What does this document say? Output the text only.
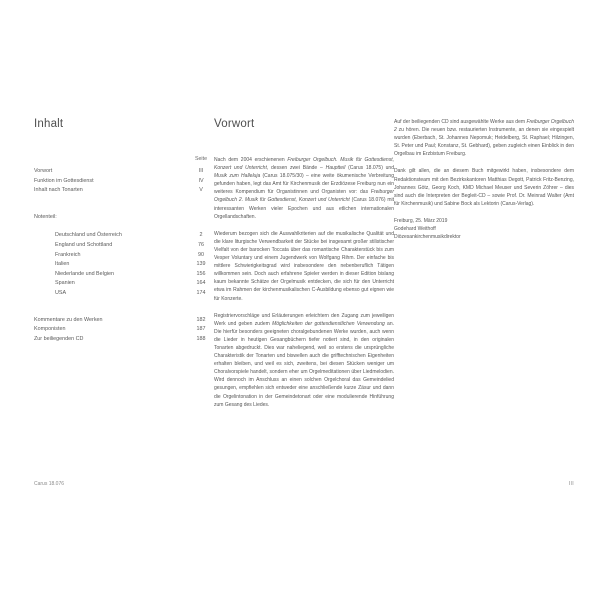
Inhalt
Seite
Vorwort	III
Funktion im Gottesdienst	IV
Inhalt nach Tonarten	V
Notenteil:
Deutschland und Österreich	2
England und Schottland	76
Frankreich	90
Italien	139
Niederlande und Belgien	156
Spanien	164
USA	174
Kommentare zu den Werken	182
Komponisten	187
Zur beiliegenden CD	188
Vorwort

Nach dem 2004 erschienenen Freiburger Orgelbuch. Musik für Gottesdienst, Konzert und Unterricht, dessen zwei Bände – Hauptteil (Carus 18.075) und Musik zum Halleluja (Carus 18.075/30) – eine weite ökumenische Verbreitung gefunden haben, legt das Amt für Kirchenmusik der Erzdiözese Freiburg nun ein weiteres Kompendium für Organistinnen und Organisten vor: das Freiburger Orgelbuch 2. Musik für Gottesdienst, Konzert und Unterricht (Carus 18.076) mit interessanten Werken vieler Epochen und aus etlichen internationalen Orgellandschaften.

Wiederum bezogen sich die Auswahlkriterien auf die musikalische Qualität und die klare liturgische Verwendbarkeit der Stücke bei insgesamt großer stilistischer Vielfalt von der barocken Toccata über das romantische Charakterstück bis zum Vesper Voluntary und einem Jugendwerk von Wolfgang Rihm. Der einfache bis mittlere Schwierigkeitsgrad wird insbesondere den nebenberuflich Tätigen willkommen sein. Doch auch erfahrene Spieler werden in dieser Edition bislang kaum bekannte Schätze der Orgelmusik entdecken, die sich für den Unterricht etwa im Rahmen der kirchenmusikalischen C-Ausbildung ebenso gut eignen wie für Konzerte.

Registriervorschläge und Erläuterungen erleichtern den Zugang zum jeweiligen Werk und geben zudem Möglichkeiten der gottesdienstlichen Verwendung an. Die hierfür besonders geeigneten choralgebundenen Werke wurden, auch wenn die Lieder in heutigen Gesangbüchern tiefer notiert sind, in den originalen Tonarten abgedruckt. Dies war naheliegend, weil so erstens die ursprüngliche Charakteristik der Tonarten und biswellen auch die grifftechnischen Eigenheiten erhalten bleiben, und weil es sich, zweitens, bei diesen Stücken weniger um Choralvorspiele handelt, sondern eher um Orgelmeditationen über Liedmelodien. Wird dennoch im Anschluss an einen solchen Orgelchoral das Gemeindelied gesungen, empfiehlen sich entweder eine anschließende kurze Zäsur und dann die Orgelintonation in der Gemeindetonart oder eine modulierende Hinführung zum Gesang des Liedes.

Auf der beiliegenden CD sind ausgewählte Werke aus dem Freiburger Orgelbuch 2 zu hören. Die neuen bzw. restaurierten Instrumente, an denen sie eingespielt wurden (Eberbach, St. Johannes Nepomuk; Heidelberg, St. Raphael; Hilzingen, St. Peter und Paul; Konstanz, St. Gebhard), geben zugleich einen Einblick in den Orgelbau im Erzbistum Freiburg.

Dank gilt allen, die an diesem Buch mitgewirkt haben, insbesondere dem Redaktionsteam mit den Bezirkskantoren Matthias Degott, Patrick Fritz-Benzing, Johannes Götz, Georg Koch, KMD Michael Meuser und Severin Zöhrer – dies sind auch die Interpreten der Begleit-CD – sowie Prof. Dr. Meinrad Walter (Amt für Kirchenmusik) und Sabine Bock als Lektorin (Carus-Verlag).

Freiburg, 25. März 2019

Godehard Weithoff

Diözesankirchenmusikdirektor

Carus 18.076	III
